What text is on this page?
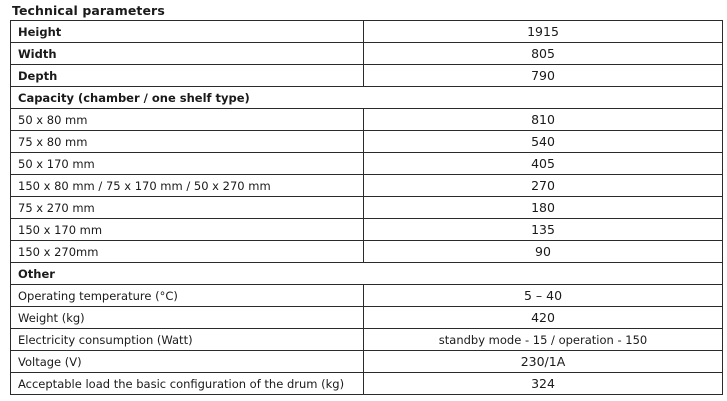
Technical parameters
Height	1915
Width	805
Depth	790
Capacity (chamber / one shelf type)	
50 x 80 mm	810
75 x 80 mm	540
50 x 170 mm	405
150 x 80 mm / 75 x 170 mm / 50 x 270 mm	270
75 x 270 mm	180
150 x 170 mm	135
150 x 270mm	90
Other	
Operating temperature (°C)	5 – 40
Weight (kg)	420
Electricity consumption (Watt)	standby mode - 15 / operation - 150
Voltage (V)	230/1A
Acceptable load the basic configuration of the drum (kg)	324
